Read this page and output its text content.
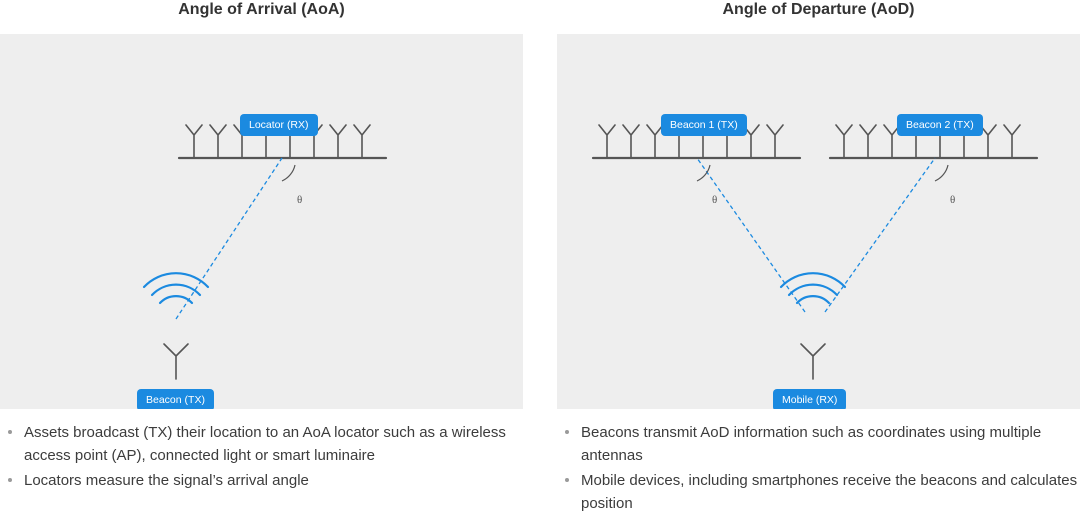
Angle of Arrival (AoA)
Locator (RX)
Beacon (TX)
θ
Assets broadcast (TX) their location to an AoA locator such as a wireless access point (AP), connected light or smart luminaire
Locators measure the signal’s arrival angle
Angle of Departure (AoD)
Beacon 1 (TX)	Beacon 2 (TX)
Mobile (RX)
θ	θ
Beacons transmit AoD information such as coordinates using multiple antennas
Mobile devices, including smartphones receive the beacons and calculates position
